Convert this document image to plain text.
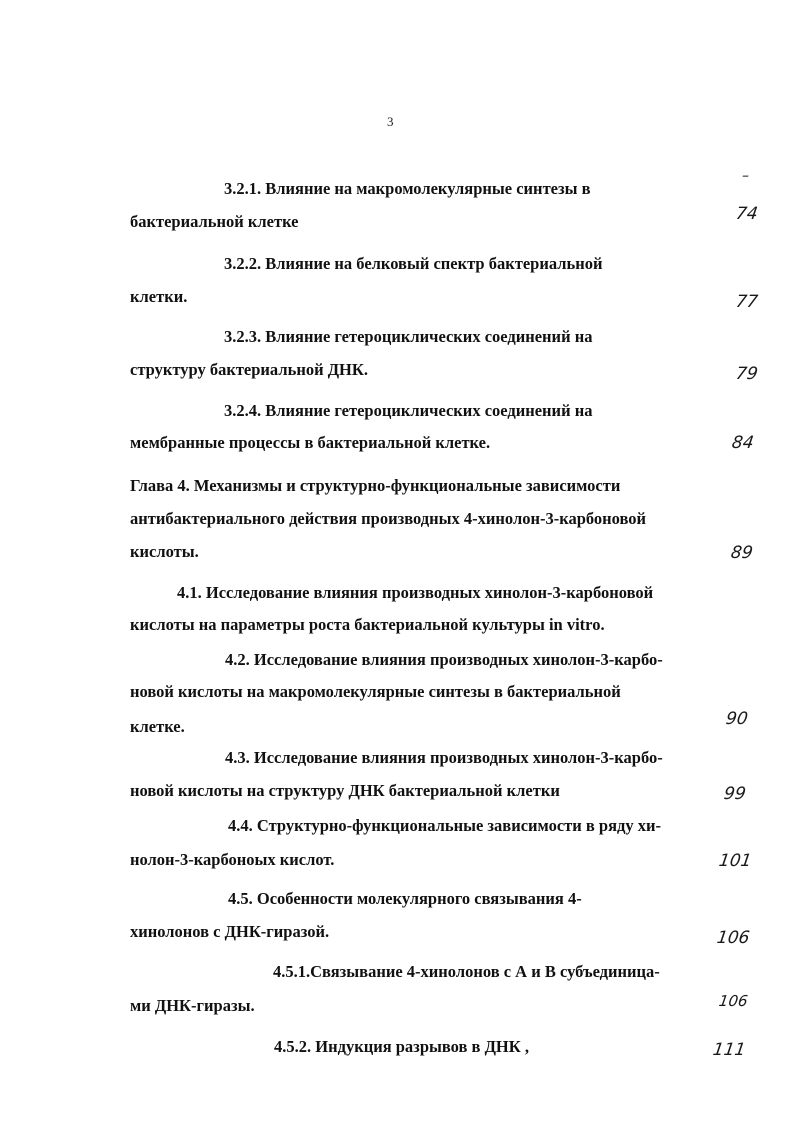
3
–
3.2.1. Влияние на макромолекулярные синтезы в
бактериальной клетке	74
3.2.2. Влияние на белковый спектр бактериальной
клетки.	77
3.2.3. Влияние гетероциклических соединений на
структуру бактериальной ДНК.	79
3.2.4. Влияние гетероциклических соединений на
мембранные процессы в бактериальной клетке.	84
Глава 4. Механизмы и структурно-функциональные зависимости
антибактериального действия производных 4-хинолон-3-карбоновой
кислоты.	89
4.1. Исследование влияния производных хинолон-3-карбоновой
кислоты на параметры роста бактериальной культуры in vitro.
4.2. Исследование влияния производных хинолон-3-карбо-
новой кислоты на макромолекулярные синтезы в бактериальной
клетке.	90
4.3. Исследование влияния производных хинолон-3-карбо-
новой кислоты на структуру ДНК бактериальной клетки	99
4.4. Структурно-функциональные зависимости в ряду хи-
нолон-3-карбоноых кислот.	101
4.5. Особенности молекулярного связывания 4-
хинолонов с ДНК-гиразой.	106
4.5.1.Связывание 4-хинолонов с А и В субъединица-
ми ДНК-гиразы.	106
4.5.2. Индукция разрывов в ДНК ,	111
